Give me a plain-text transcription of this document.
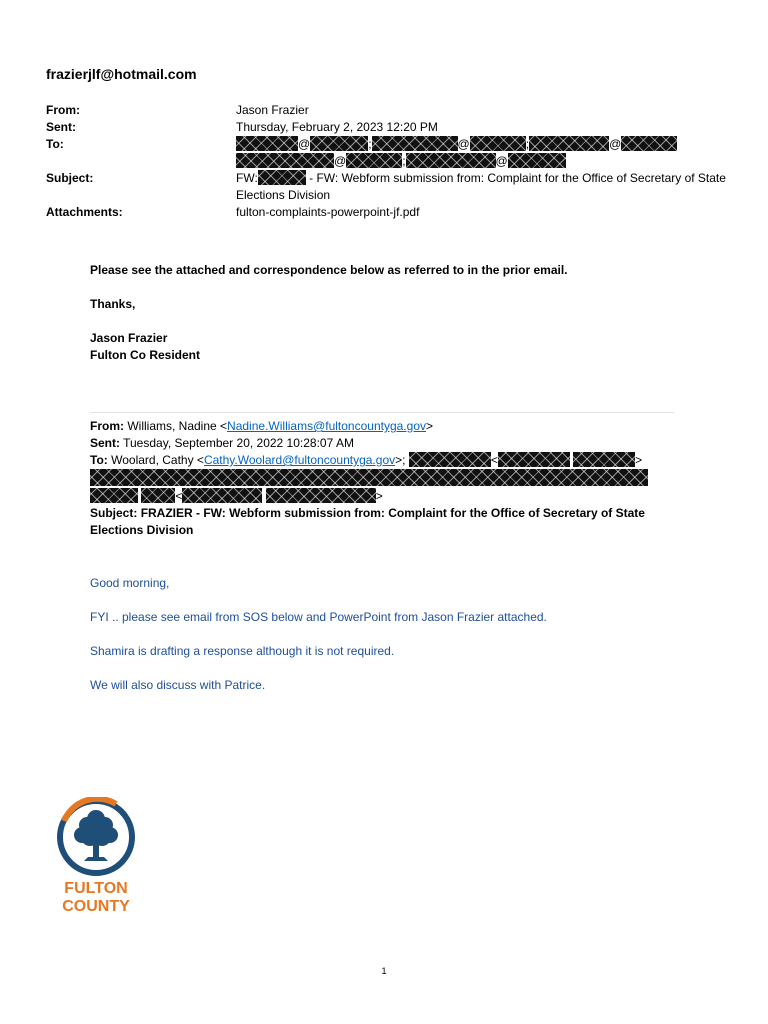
frazierjlf@hotmail.com
From:	Jason Frazier
Sent:	Thursday, February 2, 2023 12:20 PM
To:	@	;	@	;	@
@	;	@
Subject:	FW:	- FW: Webform submission from: Complaint for the Office of Secretary of State Elections Division
Attachments:	fulton-complaints-powerpoint-jf.pdf

Please see the attached and correspondence below as referred to in the prior email.

Thanks,

Jason Frazier
Fulton Co Resident
From: Williams, Nadine <Nadine.Williams@fultoncountyga.gov>
Sent: Tuesday, September 20, 2022 10:28:07 AM
To: Woolard, Cathy <Cathy.Woolard@fultoncountyga.gov>;	<	>
<	>
Subject: FRAZIER - FW: Webform submission from: Complaint for the Office of Secretary of State Elections Division

Good morning,

FYI .. please see email from SOS below and PowerPoint from Jason Frazier attached.

Shamira is drafting a response although it is not required.

We will also discuss with Patrice.

FULTON
COUNTY
1
